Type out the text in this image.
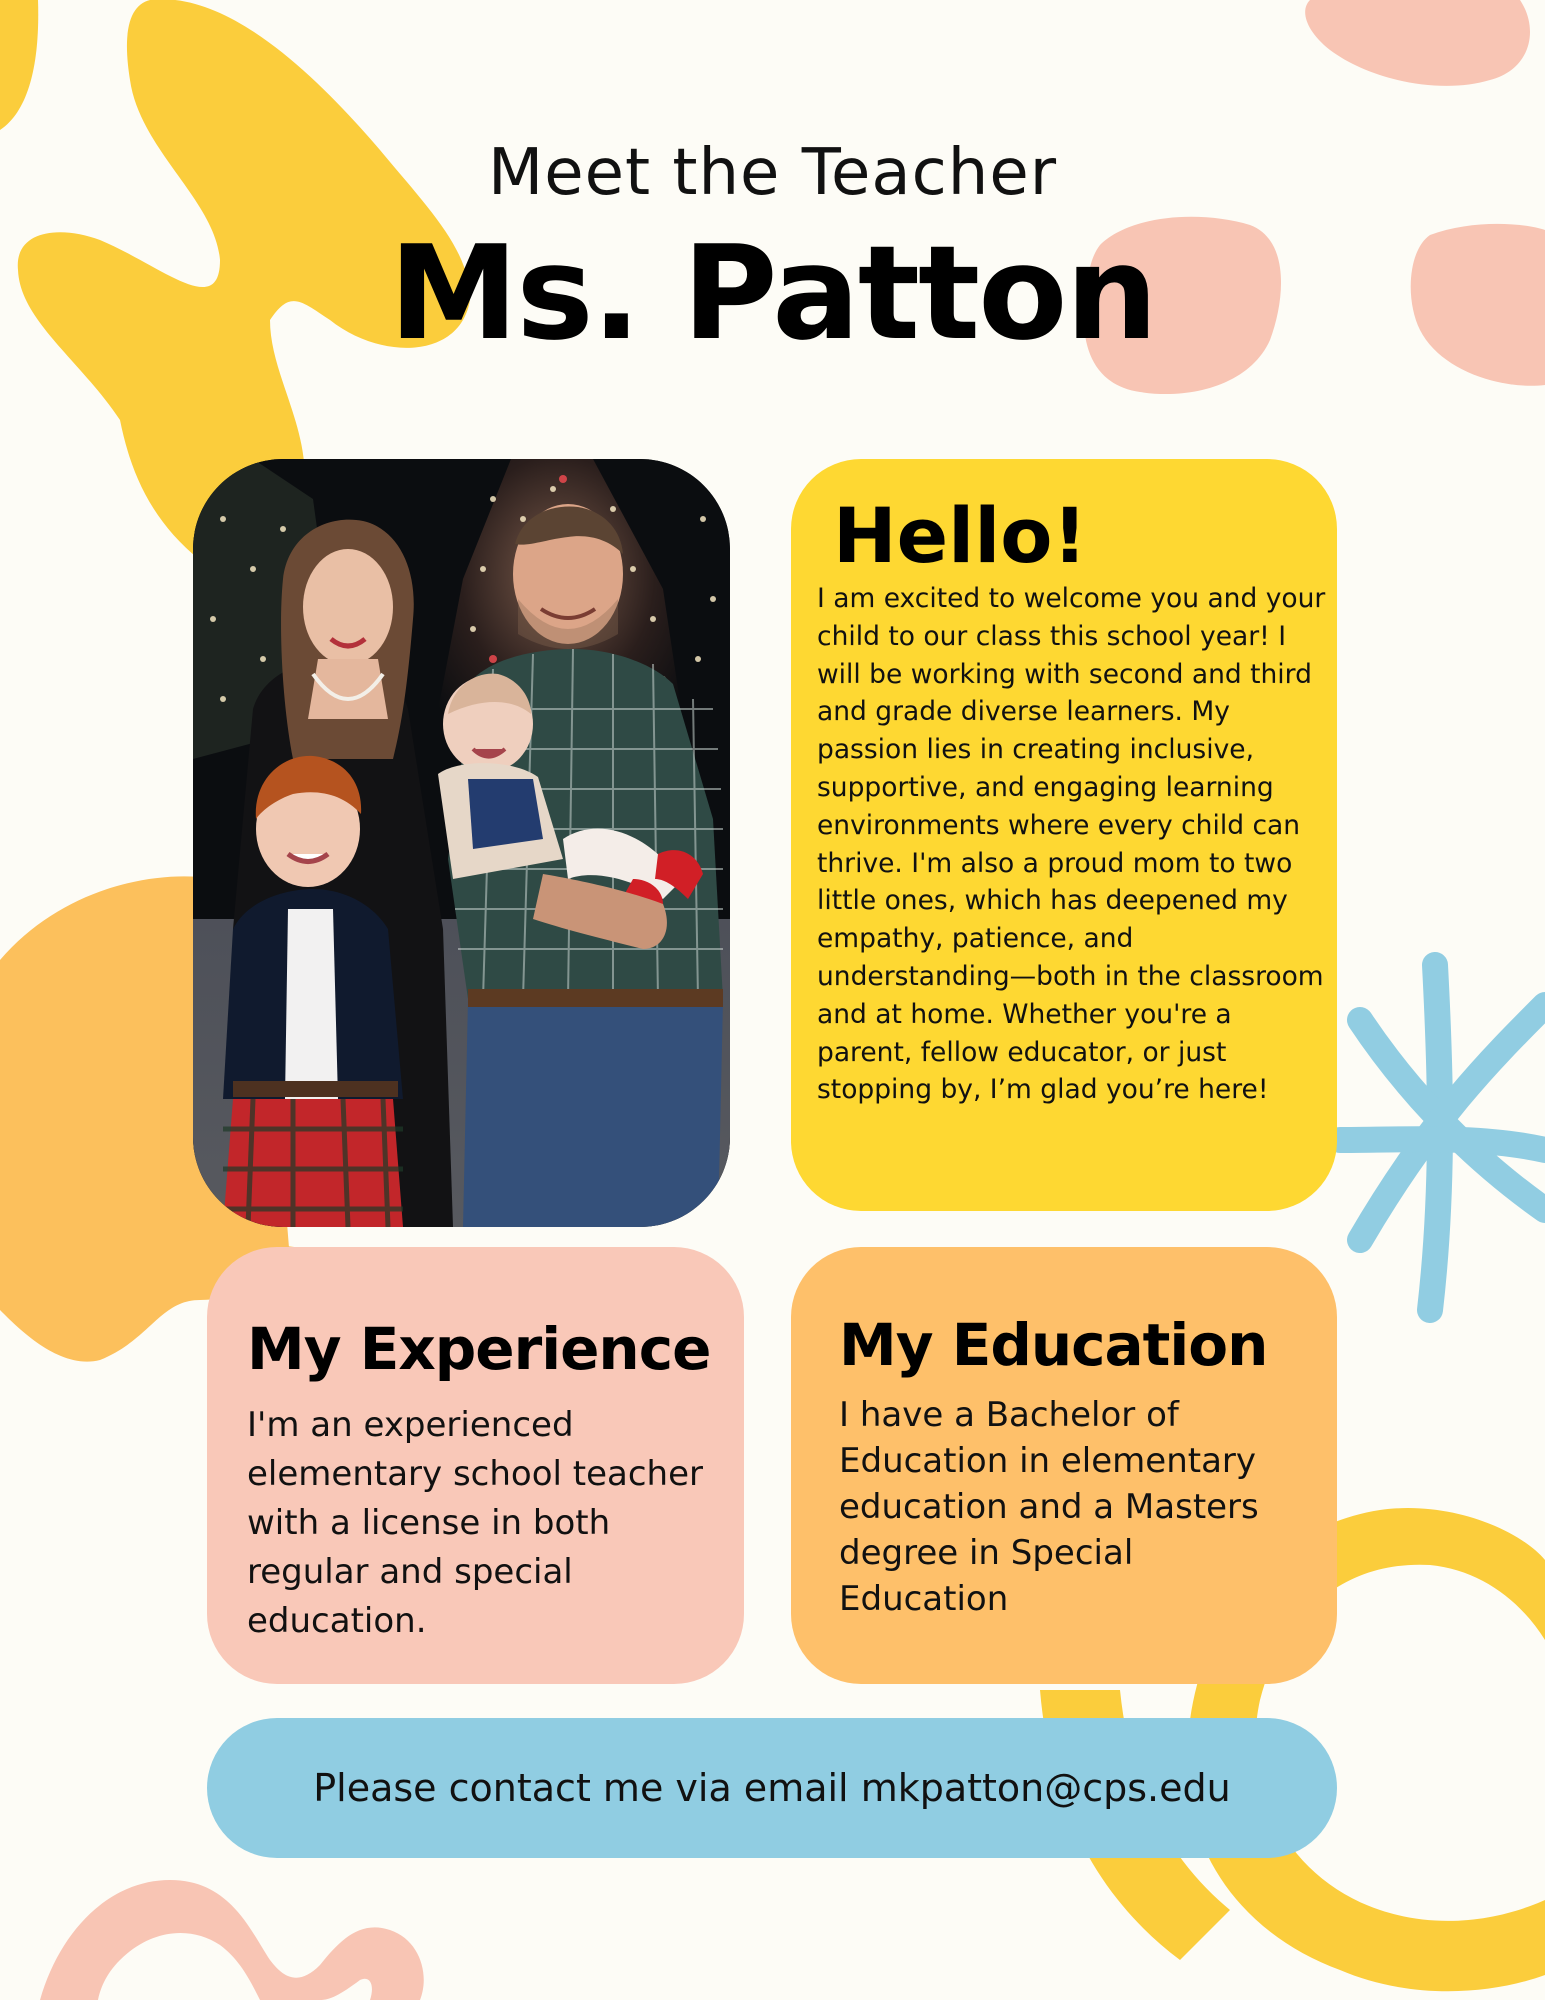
Meet the Teacher
Ms. Patton
Hello!

I am excited to welcome you and your child to our class this school year! I will be working with second and third and grade diverse learners. My passion lies in creating inclusive, supportive, and engaging learning environments where every child can thrive. I'm also a proud mom to two little ones, which has deepened my empathy, patience, and understanding—both in the classroom and at home. Whether you're a parent, fellow educator, or just stopping by, I’m glad you’re here!

My Experience

I'm an experienced elementary school teacher with a license in both regular and special education.

My Education

I have a Bachelor of Education in elementary education and a Masters degree in Special Education

Please contact me via email mkpatton@cps.edu
